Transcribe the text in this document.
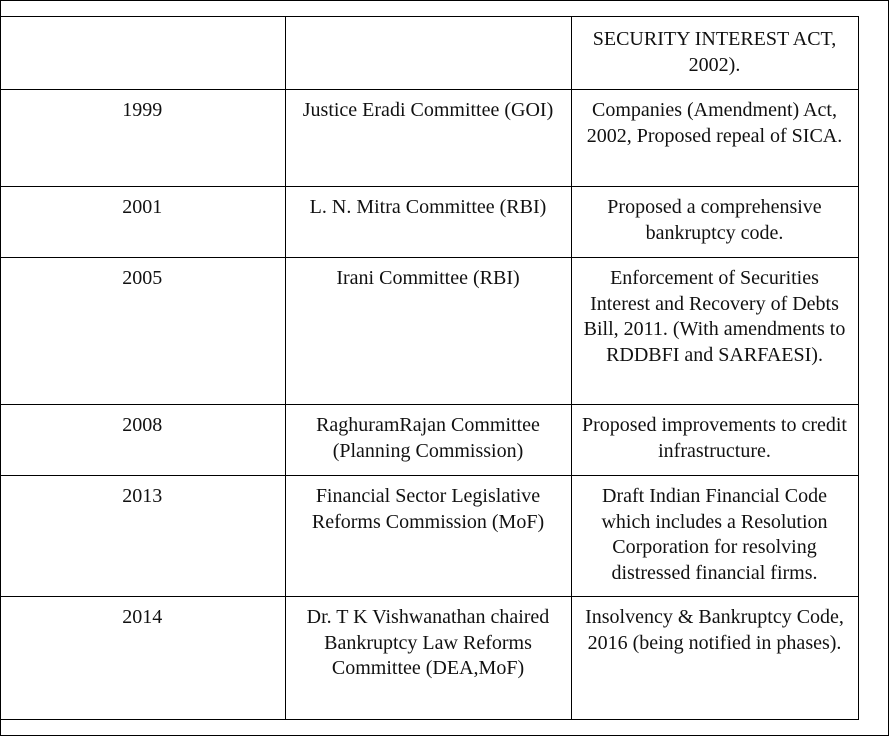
		SECURITY INTEREST ACT, 2002).
1999	Justice Eradi Committee (GOI)	Companies (Amendment) Act, 2002, Proposed repeal of SICA.
2001	L. N. Mitra Committee (RBI)	Proposed a comprehensive bankruptcy code.
2005	Irani Committee (RBI)	Enforcement of Securities Interest and Recovery of Debts Bill, 2011. (With amendments to RDDBFI and SARFAESI).
2008	RaghuramRajan Committee (Planning Commission)	Proposed improvements to credit infrastructure.
2013	Financial Sector Legislative Reforms Commission (MoF)	Draft Indian Financial Code which includes a Resolution Corporation for resolving distressed financial firms.
2014	Dr. T K Vishwanathan chaired Bankruptcy Law Reforms Committee (DEA,MoF)	Insolvency & Bankruptcy Code, 2016 (being notified in phases).
